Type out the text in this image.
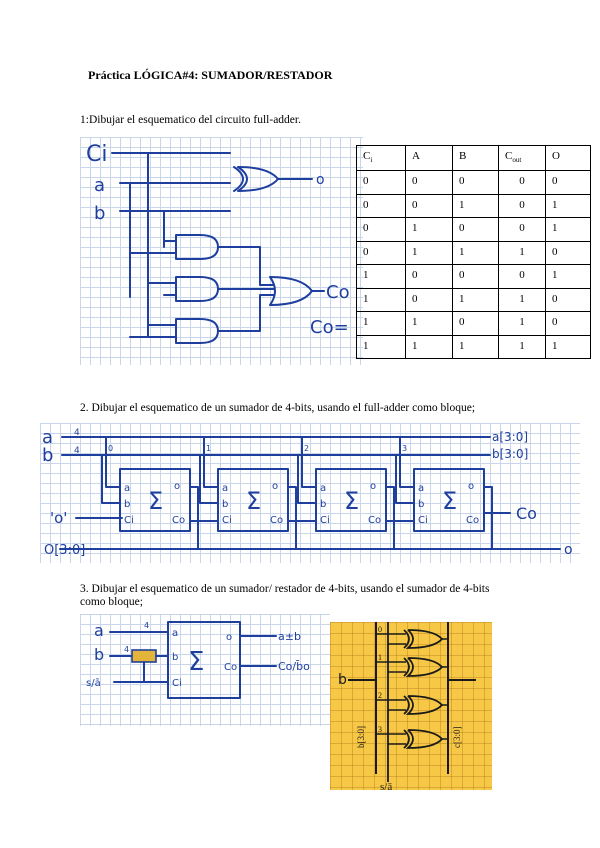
Práctica LÓGICA#4: SUMADOR/RESTADOR
1:Dibujar el esquematico del circuito full-adder.
Ci
a
b
o
Co
Co=
$C_i$	A	B	$C_{out}$	O
0	0	0	0	0
0	0	1	0	1
0	1	0	0	1
0	1	1	1	0
1	0	0	0	1
1	0	1	1	0
1	1	0	1	0
1	1	1	1	1
2. Dibujar el esquematico de un sumador de 4-bits, usando el full-adder como bloque;
a
b
4
4
a[3:0]
b[3:0]
'o'
O[3:0]	o
Σ
a
b
Ci
o
Co
0
Σ
a
b
Ci
o
Co
1
Σ
a
b
Ci
o
Co
2
Σ
a
b
Ci
o
Co
3
Co
3. Dibujar el esquematico de un sumador/ restador de 4-bits, usando el sumador de 4-bits
como bloque;
a
b
s/ā
4
4
a
b
Ci
Σ
o
Co
a±b
Co/b̄o
b
0
1
2
3
b[3:0]	c[3:0]
s/ā
